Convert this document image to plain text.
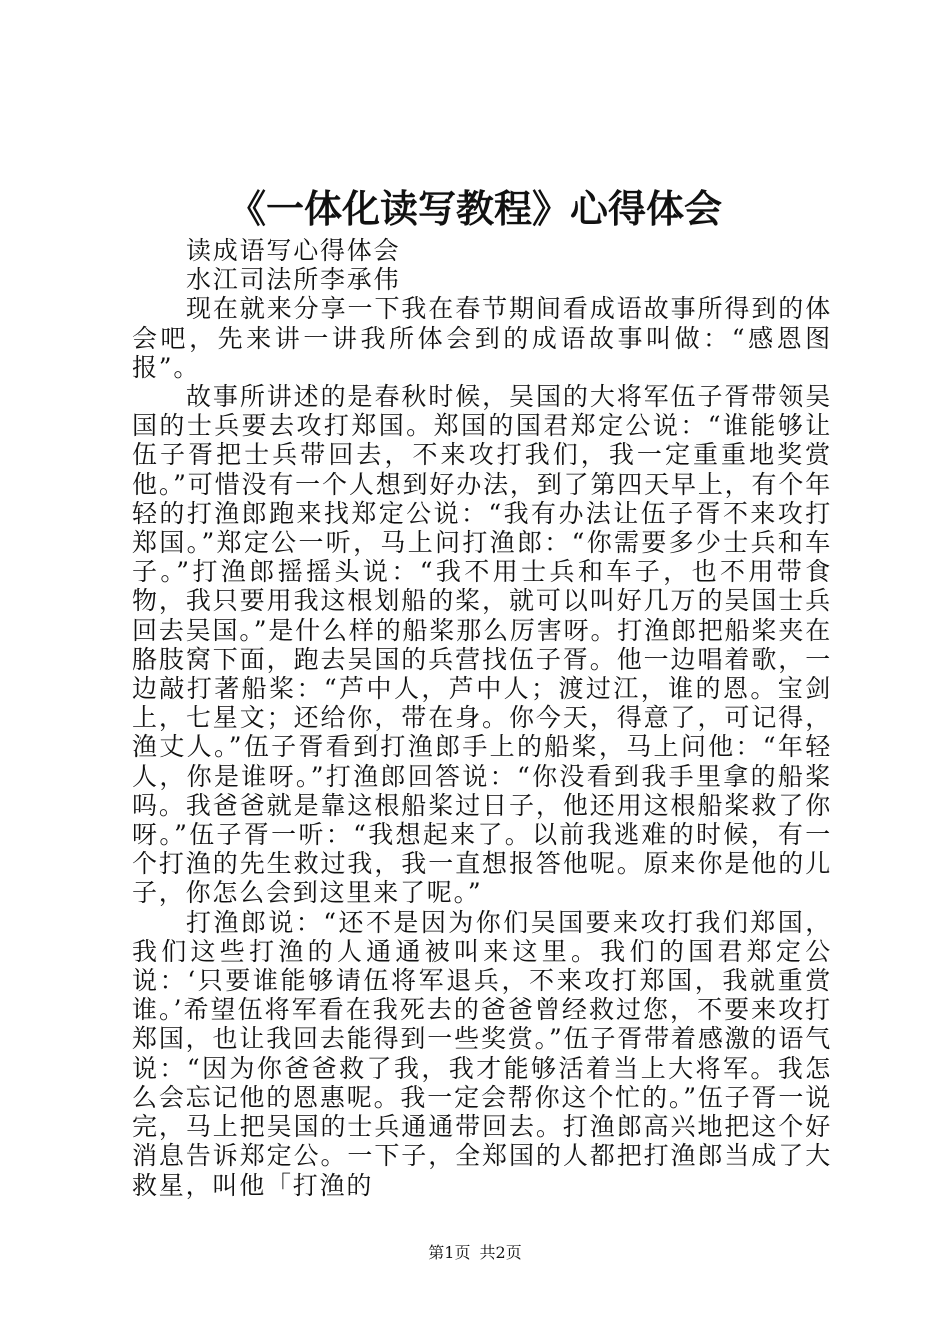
《一体化读写教程》心得体会

读成语写心得体会

水江司法所李承伟

现在就来分享一下我在春节期间看成语故事所得到的体会吧，先来讲一讲我所体会到的成语故事叫做：“感恩图报”。

故事所讲述的是春秋时候，吴国的大将军伍子胥带领吴国的士兵要去攻打郑国。郑国的国君郑定公说：“谁能够让伍子胥把士兵带回去，不来攻打我们，我一定重重地奖赏他。”可惜没有一个人想到好办法，到了第四天早上，有个年轻的打渔郎跑来找郑定公说：“我有办法让伍子胥不来攻打郑国。”郑定公一听，马上问打渔郎：“你需要多少士兵和车子。”打渔郎摇摇头说：“我不用士兵和车子，也不用带食物，我只要用我这根划船的桨，就可以叫好几万的吴国士兵回去吴国。”是什么样的船桨那么厉害呀。打渔郎把船桨夹在胳肢窝下面，跑去吴国的兵营找伍子胥。他一边唱着歌，一边敲打著船桨：“芦中人，芦中人；渡过江，谁的恩。宝剑上，七星文；还给你，带在身。你今天，得意了，可记得，渔丈人。”伍子胥看到打渔郎手上的船桨，马上问他：“年轻人，你是谁呀。”打渔郎回答说：“你没看到我手里拿的船桨吗。我爸爸就是靠这根船桨过日子，他还用这根船桨救了你呀。”伍子胥一听：“我想起来了。以前我逃难的时候，有一个打渔的先生救过我，我一直想报答他呢。原来你是他的儿子，你怎么会到这里来了呢。”

打渔郎说：“还不是因为你们吴国要来攻打我们郑国，我们这些打渔的人通通被叫来这里。我们的国君郑定公说：‘只要谁能够请伍将军退兵，不来攻打郑国，我就重赏谁。’希望伍将军看在我死去的爸爸曾经救过您，不要来攻打郑国，也让我回去能得到一些奖赏。”伍子胥带着感激的语气说：“因为你爸爸救了我，我才能够活着当上大将军。我怎么会忘记他的恩惠呢。我一定会帮你这个忙的。”伍子胥一说完，马上把吴国的士兵通通带回去。打渔郎高兴地把这个好消息告诉郑定公。一下子，全郑国的人都把打渔郎当成了大救星，叫他「打渔的

第1页 共2页
